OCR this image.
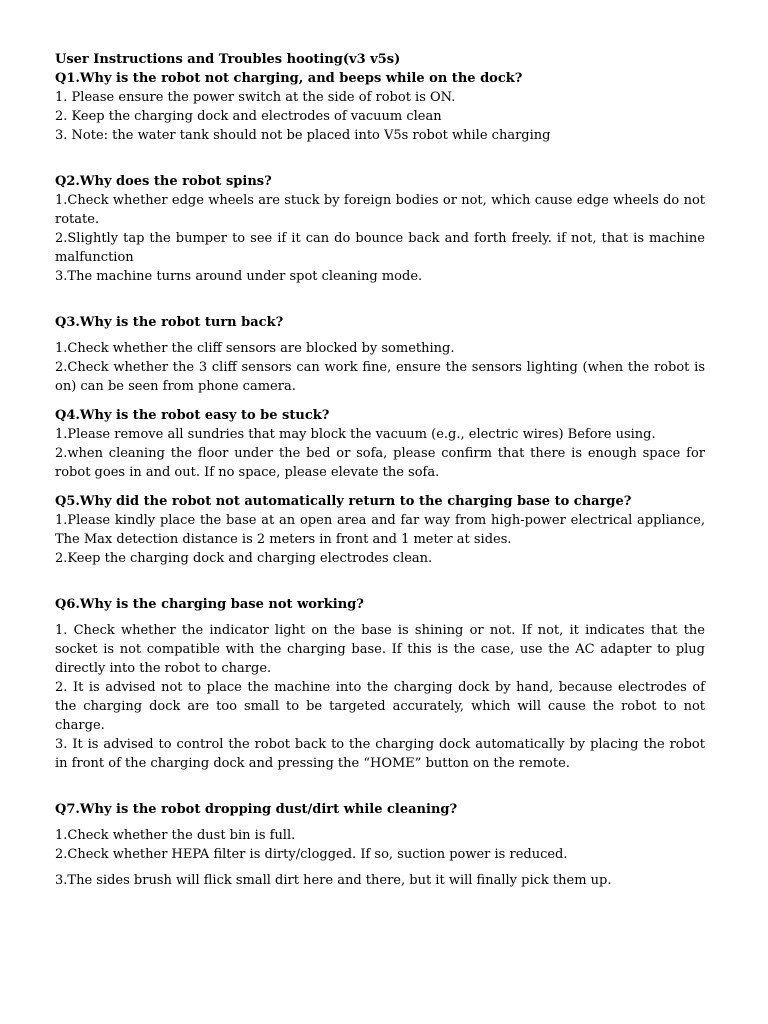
User Instructions and Troubles hooting(v3 v5s)
Q1.Why is the robot not charging, and beeps while on the dock?
1. Please ensure the power switch at the side of robot is ON.
2. Keep the charging dock and electrodes of vacuum clean
3. Note: the water tank should not be placed into V5s robot while charging
Q2.Why does the robot spins?
1.Check whether edge wheels are stuck by foreign bodies or not, which cause edge wheels do not rotate.
2.Slightly tap the bumper to see if it can do bounce back and forth freely. if not, that is machine malfunction
3.The machine turns around under spot cleaning mode.
Q3.Why is the robot turn back?
1.Check whether the cliff sensors are blocked by something.
2.Check whether the 3 cliff sensors can work fine, ensure the sensors lighting (when the robot is on) can be seen from phone camera.
Q4.Why is the robot easy to be stuck?
1.Please remove all sundries that may block the vacuum (e.g., electric wires) Before using.
2.when cleaning the floor under the bed or sofa, please confirm that there is enough space for robot goes in and out. If no space, please elevate the sofa.
Q5.Why did the robot not automatically return to the charging base to charge?
1.Please kindly place the base at an open area and far way from high-power electrical appliance, The Max detection distance is 2 meters in front and 1 meter at sides.
2.Keep the charging dock and charging electrodes clean.
Q6.Why is the charging base not working?
1. Check whether the indicator light on the base is shining or not. If not, it indicates that the socket is not compatible with the charging base. If this is the case, use the AC adapter to plug directly into the robot to charge.
2. It is advised not to place the machine into the charging dock by hand, because electrodes of the charging dock are too small to be targeted accurately, which will cause the robot to not charge.
3. It is advised to control the robot back to the charging dock automatically by placing the robot in front of the charging dock and pressing the “HOME” button on the remote.
Q7.Why is the robot dropping dust/dirt while cleaning?
1.Check whether the dust bin is full.
2.Check whether HEPA filter is dirty/clogged. If so, suction power is reduced.
3.The sides brush will flick small dirt here and there, but it will finally pick them up.
